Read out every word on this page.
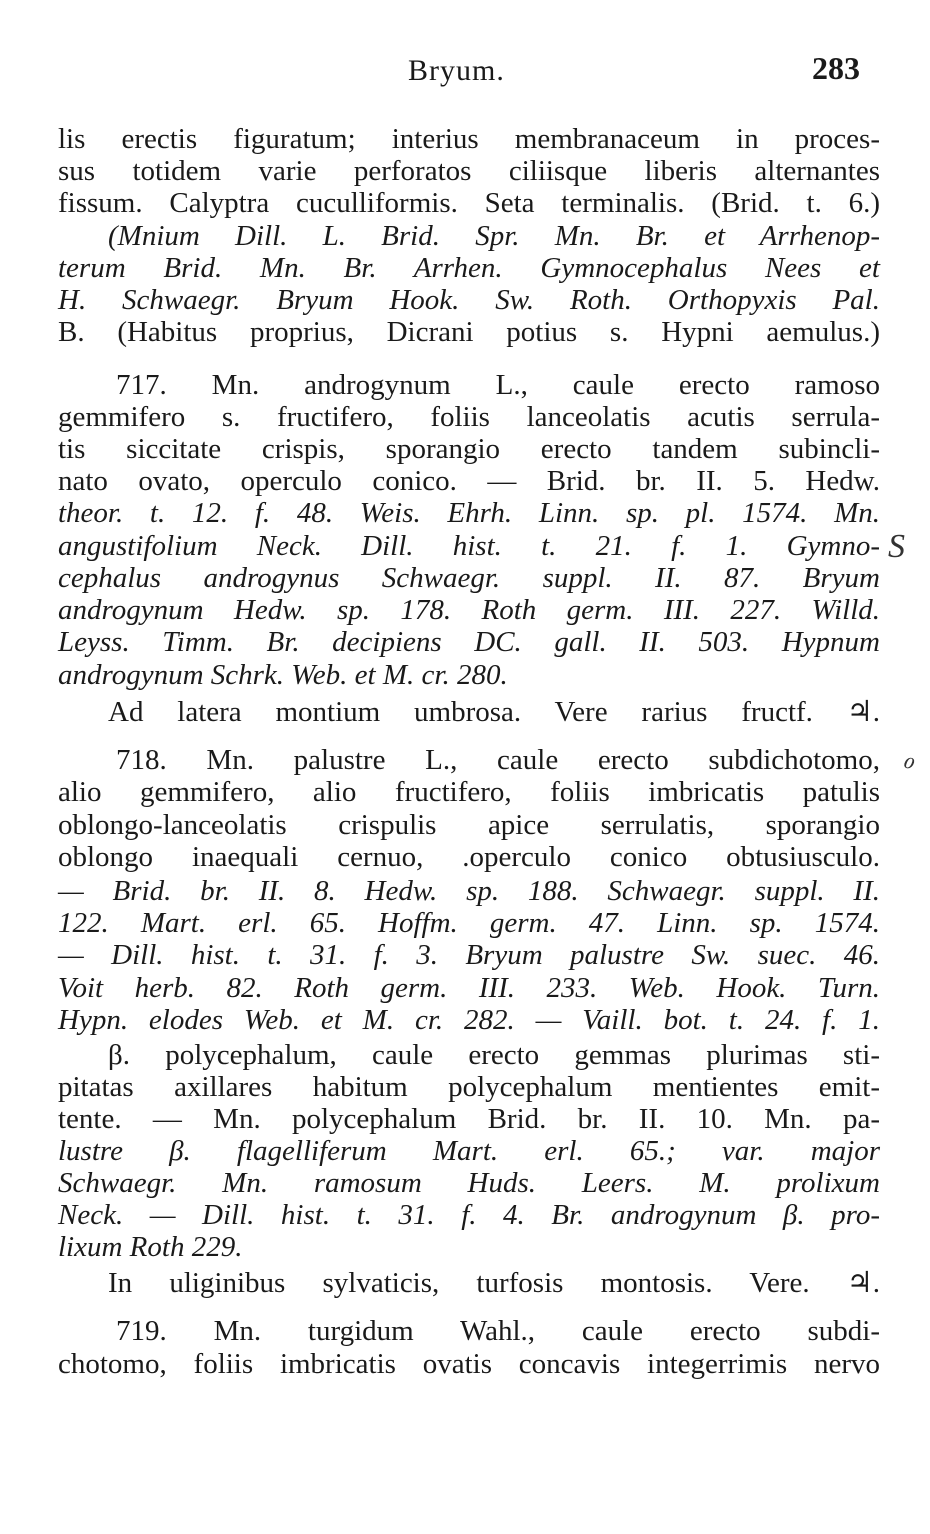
Bryum.	283
lis erectis figuratum; interius membranaceum in proces-
sus totidem varie perforatos ciliisque liberis alternantes
fissum. Calyptra cuculliformis. Seta terminalis. (Brid. t. 6.)
(Mnium Dill. L. Brid. Spr. Mn. Br. et Arrhenop-
terum Brid. Mn. Br. Arrhen. Gymnocephalus Nees et
H. Schwaegr. Bryum Hook. Sw. Roth. Orthopyxis Pal.
B. (Habitus proprius, Dicrani potius s. Hypni aemulus.)
717. Mn. androgynum L., caule erecto ramoso
gemmifero s. fructifero, foliis lanceolatis acutis serrula-
tis siccitate crispis, sporangio erecto tandem subincli-
nato ovato, operculo conico. — Brid. br. II. 5. Hedw.
theor. t. 12. f. 48. Weis. Ehrh. Linn. sp. pl. 1574. Mn.
angustifolium Neck. Dill. hist. t. 21. f. 1. Gymno-
cephalus androgynus Schwaegr. suppl. II. 87. Bryum
androgynum Hedw. sp. 178. Roth germ. III. 227. Willd.
Leyss. Timm. Br. decipiens DC. gall. II. 503. Hypnum
androgynum Schrk. Web. et M. cr. 280.
Ad latera montium umbrosa. Vere rarius fructf. ♃.
718. Mn. palustre L., caule erecto subdichotomo,
alio gemmifero, alio fructifero, foliis imbricatis patulis
oblongo-lanceolatis crispulis apice serrulatis, sporangio
oblongo inaequali cernuo, .operculo conico obtusiusculo.
— Brid. br. II. 8. Hedw. sp. 188. Schwaegr. suppl. II.
122. Mart. erl. 65. Hoffm. germ. 47. Linn. sp. 1574.
— Dill. hist. t. 31. f. 3. Bryum palustre Sw. suec. 46.
Voit herb. 82. Roth germ. III. 233. Web. Hook. Turn.
Hypn. elodes Web. et M. cr. 282. — Vaill. bot. t. 24. f. 1.
β. polycephalum, caule erecto gemmas plurimas sti-
pitatas axillares habitum polycephalum mentientes emit-
tente. — Mn. polycephalum Brid. br. II. 10. Mn. pa-
lustre β. flagelliferum Mart. erl. 65.; var. major
Schwaegr. Mn. ramosum Huds. Leers. M. prolixum
Neck. — Dill. hist. t. 31. f. 4. Br. androgynum β. pro-
lixum Roth 229.
In uliginibus sylvaticis, turfosis montosis. Vere. ♃.
719. Mn. turgidum Wahl., caule erecto subdi-
chotomo, foliis imbricatis ovatis concavis integerrimis nervo
S
ℴ
